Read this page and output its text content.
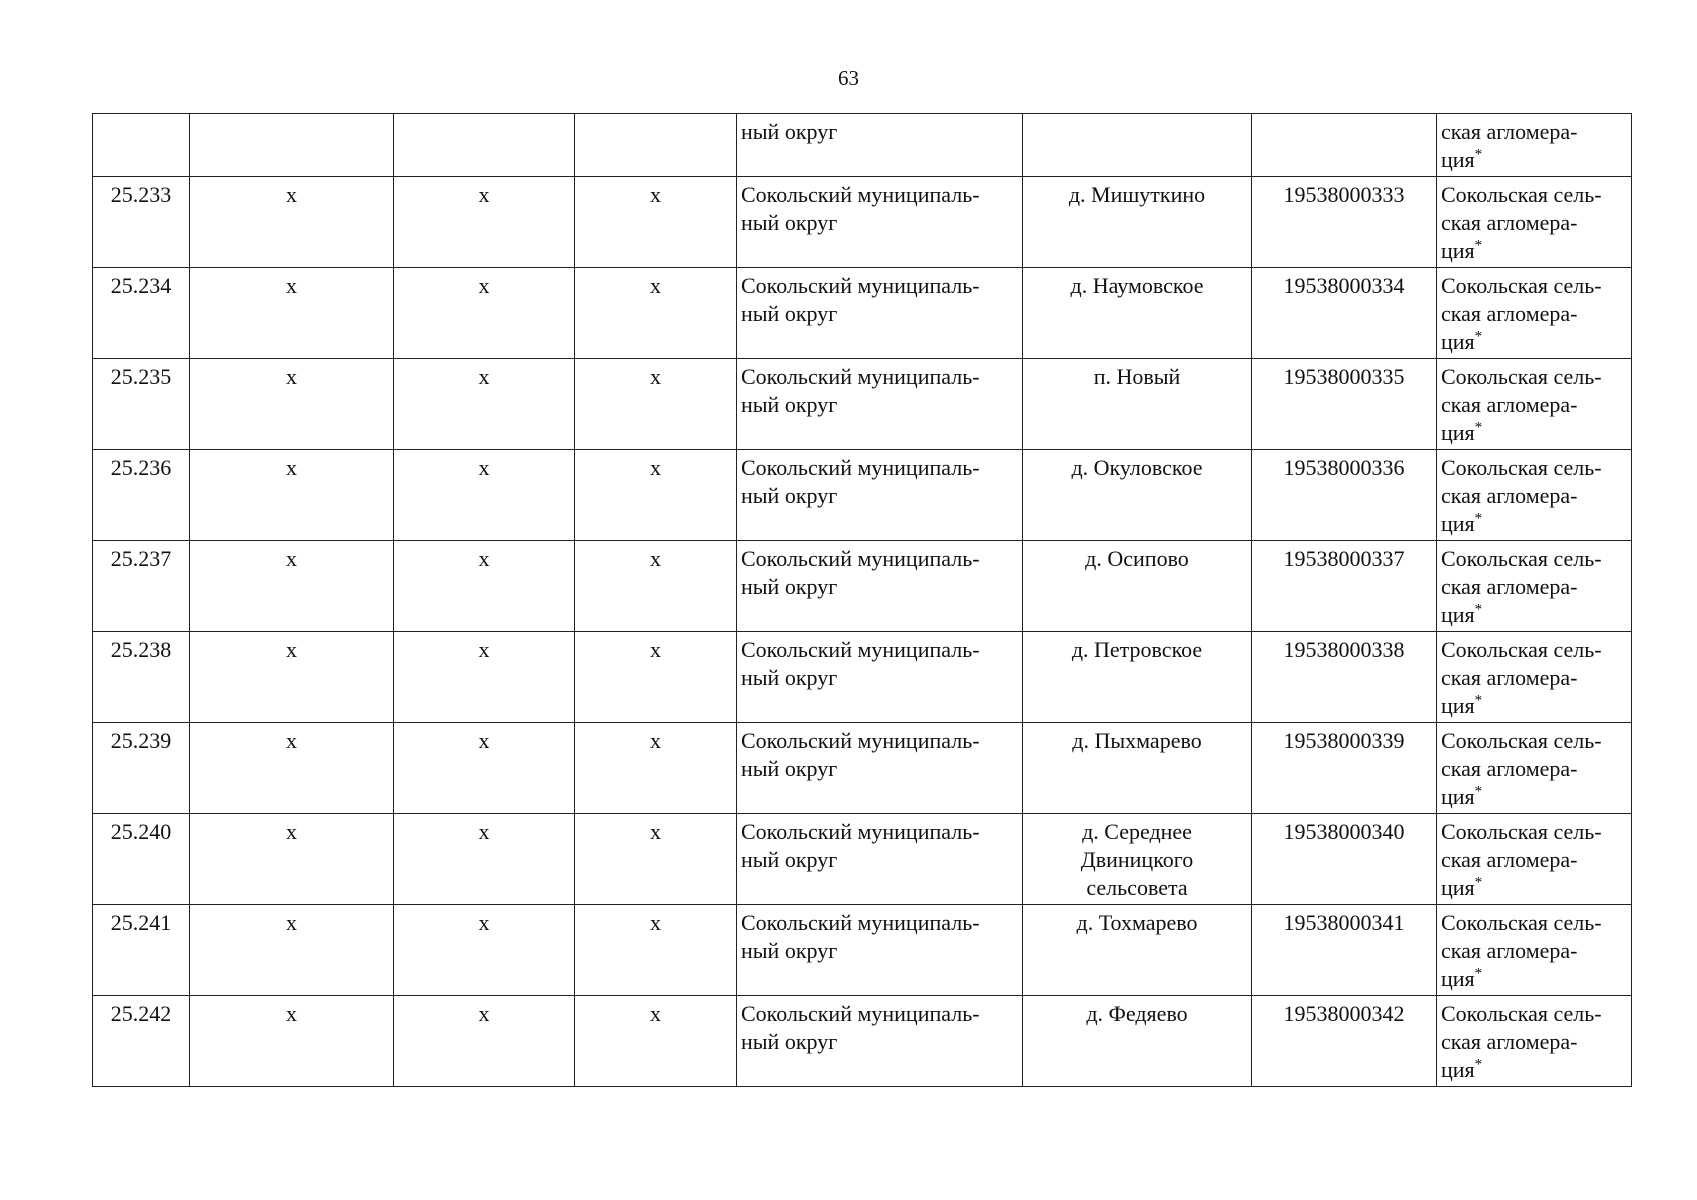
63
				ный округ			ская агломера-
ция*
25.233	х	х	х	Сокольский муниципаль-
ный округ	д. Мишуткино	19538000333	Сокольская сель-
ская агломера-
ция*
25.234	х	х	х	Сокольский муниципаль-
ный округ	д. Наумовское	19538000334	Сокольская сель-
ская агломера-
ция*
25.235	х	х	х	Сокольский муниципаль-
ный округ	п. Новый	19538000335	Сокольская сель-
ская агломера-
ция*
25.236	х	х	х	Сокольский муниципаль-
ный округ	д. Окуловское	19538000336	Сокольская сель-
ская агломера-
ция*
25.237	х	х	х	Сокольский муниципаль-
ный округ	д. Осипово	19538000337	Сокольская сель-
ская агломера-
ция*
25.238	х	х	х	Сокольский муниципаль-
ный округ	д. Петровское	19538000338	Сокольская сель-
ская агломера-
ция*
25.239	х	х	х	Сокольский муниципаль-
ный округ	д. Пыхмарево	19538000339	Сокольская сель-
ская агломера-
ция*
25.240	х	х	х	Сокольский муниципаль-
ный округ	д. Середнее
Двиницкого
сельсовета	19538000340	Сокольская сель-
ская агломера-
ция*
25.241	х	х	х	Сокольский муниципаль-
ный округ	д. Тохмарево	19538000341	Сокольская сель-
ская агломера-
ция*
25.242	х	х	х	Сокольский муниципаль-
ный округ	д. Федяево	19538000342	Сокольская сель-
ская агломера-
ция*
